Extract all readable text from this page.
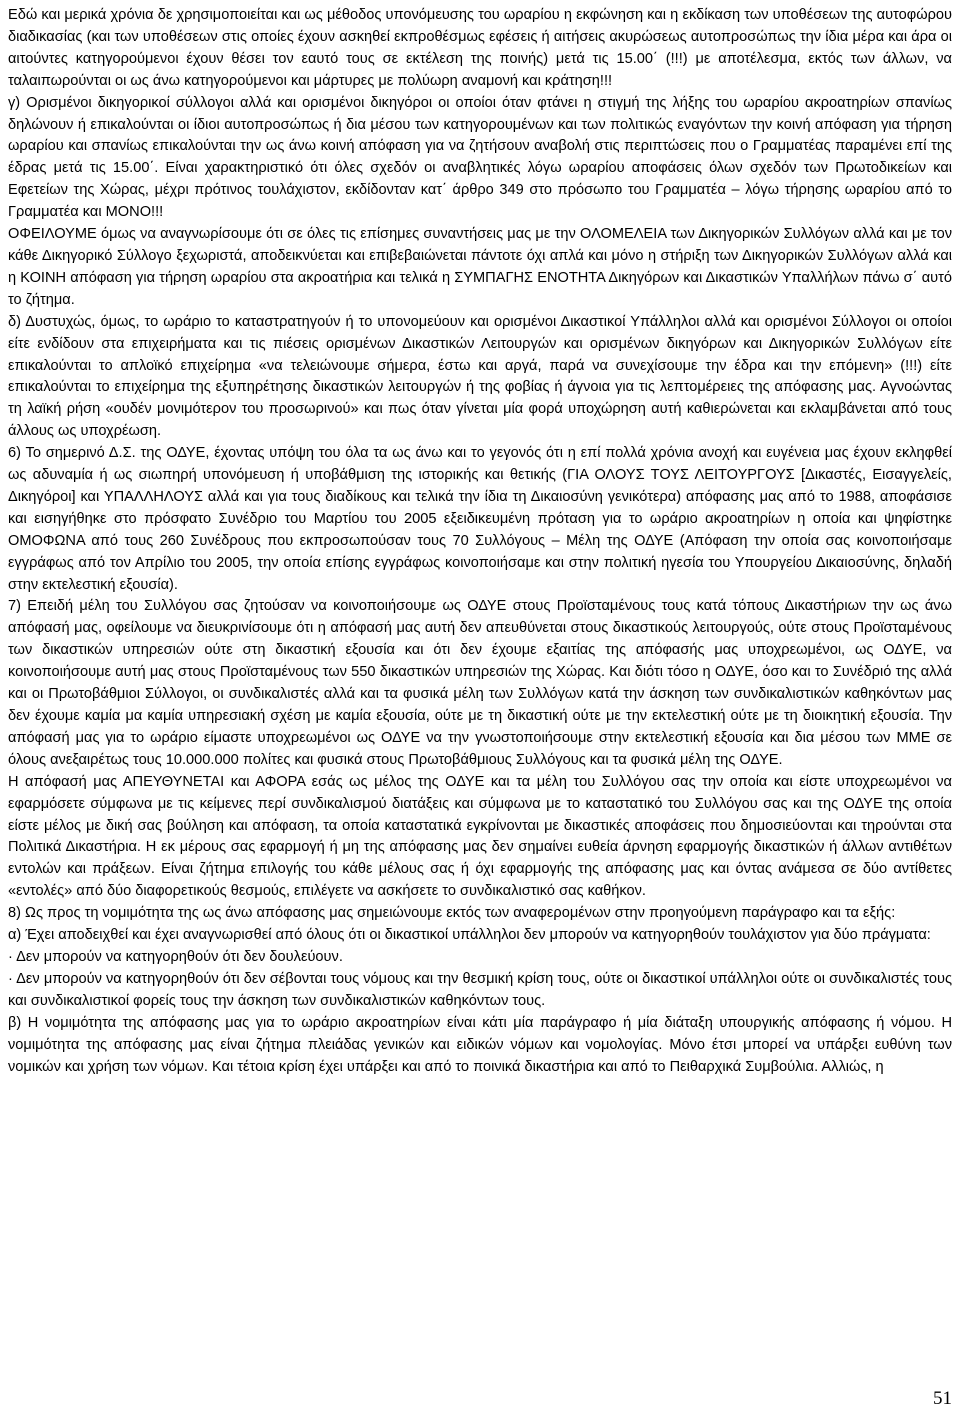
Εδώ και μερικά χρόνια δε χρησιμοποιείται και ως μέθοδος υπονόμευσης του ωραρίου η εκφώνηση και η εκδίκαση των υποθέσεων της αυτοφώρου διαδικασίας (και των υποθέσεων στις οποίες έχουν ασκηθεί εκπροθέσμως εφέσεις ή αιτήσεις ακυρώσεως αυτοπροσώπως την ίδια μέρα και άρα οι αιτούντες κατηγορούμενοι έχουν θέσει τον εαυτό τους σε εκτέλεση της ποινής) μετά τις 15.00΄ (!!!) με αποτέλεσμα, εκτός των άλλων, να ταλαιπωρούνται οι ως άνω κατηγορούμενοι και μάρτυρες με πολύωρη αναμονή και κράτηση!!!

γ) Ορισμένοι δικηγορικοί σύλλογοι αλλά και ορισμένοι δικηγόροι οι οποίοι όταν φτάνει η στιγμή της λήξης του ωραρίου ακροατηρίων σπανίως δηλώνουν ή επικαλούνται οι ίδιοι αυτοπροσώπως ή δια μέσου των κατηγορουμένων και των πολιτικώς εναγόντων την κοινή απόφαση για τήρηση ωραρίου και σπανίως επικαλούνται την ως άνω κοινή απόφαση για να ζητήσουν αναβολή στις περιπτώσεις που ο Γραμματέας παραμένει επί της έδρας μετά τις 15.00΄. Είναι χαρακτηριστικό ότι όλες σχεδόν οι αναβλητικές λόγω ωραρίου αποφάσεις όλων σχεδόν των Πρωτοδικείων και Εφετείων της Χώρας, μέχρι πρότινος τουλάχιστον, εκδίδονταν κατ΄ άρθρο 349 στο πρόσωπο του Γραμματέα – λόγω τήρησης ωραρίου από το Γραμματέα και ΜΟΝΟ!!!

ΟΦΕΙΛΟΥΜΕ όμως να αναγνωρίσουμε ότι σε όλες τις επίσημες συναντήσεις μας με την ΟΛΟΜΕΛΕΙΑ των Δικηγορικών Συλλόγων αλλά και με τον κάθε Δικηγορικό Σύλλογο ξεχωριστά, αποδεικνύεται και επιβεβαιώνεται πάντοτε όχι απλά και μόνο η στήριξη των Δικηγορικών Συλλόγων αλλά και η ΚΟΙΝΗ απόφαση για τήρηση ωραρίου στα ακροατήρια και τελικά η ΣΥΜΠΑΓΗΣ ΕΝΟΤΗΤΑ Δικηγόρων και Δικαστικών Υπαλλήλων πάνω σ΄ αυτό το ζήτημα.

δ) Δυστυχώς, όμως, το ωράριο το καταστρατηγούν ή το υπονομεύουν και ορισμένοι Δικαστικοί Υπάλληλοι αλλά και ορισμένοι Σύλλογοι οι οποίοι είτε ενδίδουν στα επιχειρήματα και τις πιέσεις ορισμένων Δικαστικών Λειτουργών και ορισμένων δικηγόρων και Δικηγορικών Συλλόγων είτε επικαλούνται το απλοϊκό επιχείρημα «να τελειώνουμε σήμερα, έστω και αργά, παρά να συνεχίσουμε την έδρα και την επόμενη» (!!!) είτε επικαλούνται το επιχείρημα της εξυπηρέτησης δικαστικών λειτουργών ή της φοβίας ή άγνοια για τις λεπτομέρειες της απόφασης μας. Αγνοώντας τη λαϊκή ρήση «ουδέν μονιμότερον του προσωρινού» και πως όταν γίνεται μία φορά υποχώρηση αυτή καθιερώνεται και εκλαμβάνεται από τους άλλους ως υποχρέωση.

6) Το σημερινό Δ.Σ. της ΟΔΥΕ, έχοντας υπόψη του όλα τα ως άνω και το γεγονός ότι η επί πολλά χρόνια ανοχή και ευγένεια μας έχουν εκληφθεί ως αδυναμία ή ως σιωπηρή υπονόμευση ή υποβάθμιση της ιστορικής και θετικής (ΓΙΑ ΟΛΟΥΣ ΤΟΥΣ ΛΕΙΤΟΥΡΓΟΥΣ [Δικαστές, Εισαγγελείς, Δικηγόροι] και ΥΠΑΛΛΗΛΟΥΣ αλλά και για τους διαδίκους και τελικά την ίδια τη Δικαιοσύνη γενικότερα) απόφασης μας από το 1988, αποφάσισε και εισηγήθηκε στο πρόσφατο Συνέδριο του Μαρτίου του 2005 εξειδικευμένη πρόταση για το ωράριο ακροατηρίων η οποία και ψηφίστηκε ΟΜΟΦΩΝΑ από τους 260 Συνέδρους που εκπροσωπούσαν τους 70 Συλλόγους – Μέλη της ΟΔΥΕ (Απόφαση την οποία σας κοινοποιήσαμε εγγράφως από τον Απρίλιο του 2005, την οποία επίσης εγγράφως κοινοποιήσαμε και στην πολιτική ηγεσία του Υπουργείου Δικαιοσύνης, δηλαδή στην εκτελεστική εξουσία).

7) Επειδή μέλη του Συλλόγου σας ζητούσαν να κοινοποιήσουμε ως ΟΔΥΕ στους Προϊσταμένους τους κατά τόπους Δικαστήριων την ως άνω απόφασή μας, οφείλουμε να διευκρινίσουμε ότι η απόφασή μας αυτή δεν απευθύνεται στους δικαστικούς λειτουργούς, ούτε στους Προϊσταμένους των δικαστικών υπηρεσιών ούτε στη δικαστική εξουσία και ότι δεν έχουμε εξαιτίας της απόφασής μας υποχρεωμένοι, ως ΟΔΥΕ, να κοινοποιήσουμε αυτή μας στους Προϊσταμένους των 550 δικαστικών υπηρεσιών της Χώρας. Και διότι τόσο η ΟΔΥΕ, όσο και το Συνέδριό της αλλά και οι Πρωτοβάθμιοι Σύλλογοι, οι συνδικαλιστές αλλά και τα φυσικά μέλη των Συλλόγων κατά την άσκηση των συνδικαλιστικών καθηκόντων μας δεν έχουμε καμία μα καμία υπηρεσιακή σχέση με καμία εξουσία, ούτε με τη δικαστική ούτε με την εκτελεστική ούτε με τη διοικητική εξουσία. Την απόφασή μας για το ωράριο είμαστε υποχρεωμένοι ως ΟΔΥΕ να την γνωστοποιήσουμε στην εκτελεστική εξουσία και δια μέσου των ΜΜΕ σε όλους ανεξαιρέτως τους 10.000.000 πολίτες και φυσικά στους Πρωτοβάθμιους Συλλόγους και τα φυσικά μέλη της ΟΔΥΕ.

Η απόφασή μας ΑΠΕΥΘΥΝΕΤΑΙ και ΑΦΟΡΑ εσάς ως μέλος της ΟΔΥΕ και τα μέλη του Συλλόγου σας την οποία και είστε υποχρεωμένοι να εφαρμόσετε σύμφωνα με τις κείμενες περί συνδικαλισμού διατάξεις και σύμφωνα με το καταστατικό του Συλλόγου σας και της ΟΔΥΕ της οποία είστε μέλος με δική σας βούληση και απόφαση, τα οποία καταστατικά εγκρίνονται με δικαστικές αποφάσεις που δημοσιεύονται και τηρούνται στα Πολιτικά Δικαστήρια. Η εκ μέρους σας εφαρμογή ή μη της απόφασης μας δεν σημαίνει ευθεία άρνηση εφαρμογής δικαστικών ή άλλων αντιθέτων εντολών και πράξεων. Είναι ζήτημα επιλογής του κάθε μέλους σας ή όχι εφαρμογής της απόφασης μας και όντας ανάμεσα σε δύο αντίθετες «εντολές» από δύο διαφορετικούς θεσμούς, επιλέγετε να ασκήσετε το συνδικαλιστικό σας καθήκον.

8) Ως προς τη νομιμότητα της ως άνω απόφασης μας σημειώνουμε εκτός των αναφερομένων στην προηγούμενη παράγραφο και τα εξής:

α) Έχει αποδειχθεί και έχει αναγνωρισθεί από όλους ότι οι δικαστικοί υπάλληλοι δεν μπορούν να κατηγορηθούν τουλάχιστον για δύο πράγματα:

· Δεν μπορούν να κατηγορηθούν ότι δεν δουλεύουν.

· Δεν μπορούν να κατηγορηθούν ότι δεν σέβονται τους νόμους και την θεσμική κρίση τους, ούτε οι δικαστικοί υπάλληλοι ούτε οι συνδικαλιστές τους και συνδικαλιστικοί φορείς τους την άσκηση των συνδικαλιστικών καθηκόντων τους.

β) Η νομιμότητα της απόφασης μας για το ωράριο ακροατηρίων είναι κάτι μία παράγραφο ή μία διάταξη υπουργικής απόφασης ή νόμου. Η νομιμότητα της απόφασης μας είναι ζήτημα πλειάδας γενικών και ειδικών νόμων και νομολογίας. Μόνο έτσι μπορεί να υπάρξει ευθύνη των νομικών και χρήση των νόμων. Και τέτοια κρίση έχει υπάρξει και από το ποινικά δικαστήρια και από το Πειθαρχικά Συμβούλια. Αλλιώς, η

51
